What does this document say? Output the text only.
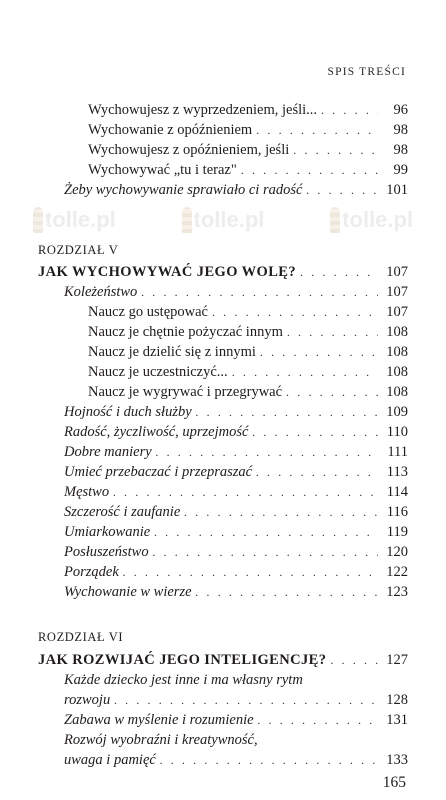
SPIS TREŚCI
tolle.pl	tolle.pl	tolle.pl
Wychowujesz z wyprzedzeniem, jeśli... . . .	96
Wychowanie z opóźnieniem . . .	98
Wychowujesz z opóźnieniem, jeśli . . .	98
Wychowywać „tu i teraz" . . .	99
Żeby wychowywanie sprawiało ci radość . . .	101
ROZDZIAŁ V
JAK WYCHOWYWAĆ JEGO WOLĘ? . . .	107
Koleżeństwo . . .	107
Naucz go ustępować . . .	107
Naucz je chętnie pożyczać innym . . .	108
Naucz je dzielić się z innymi . . .	108
Naucz je uczestniczyć... . . .	108
Naucz je wygrywać i przegrywać . . .	108
Hojność i duch służby . . .	109
Radość, życzliwość, uprzejmość . . .	110
Dobre maniery . . .	111
Umieć przebaczać i przepraszać . . .	113
Męstwo . . .	114
Szczerość i zaufanie . . .	116
Umiarkowanie . . .	119
Posłuszeństwo . . .	120
Porządek . . .	122
Wychowanie w wierze . . .	123
ROZDZIAŁ VI
JAK ROZWIJAĆ JEGO INTELIGENCJĘ? . . .	127
Każde dziecko jest inne i ma własny rytm
rozwoju . . .	128
Zabawa w myślenie i rozumienie . . .	131
Rozwój wyobraźni i kreatywność,
uwaga i pamięć . . .	133
165
